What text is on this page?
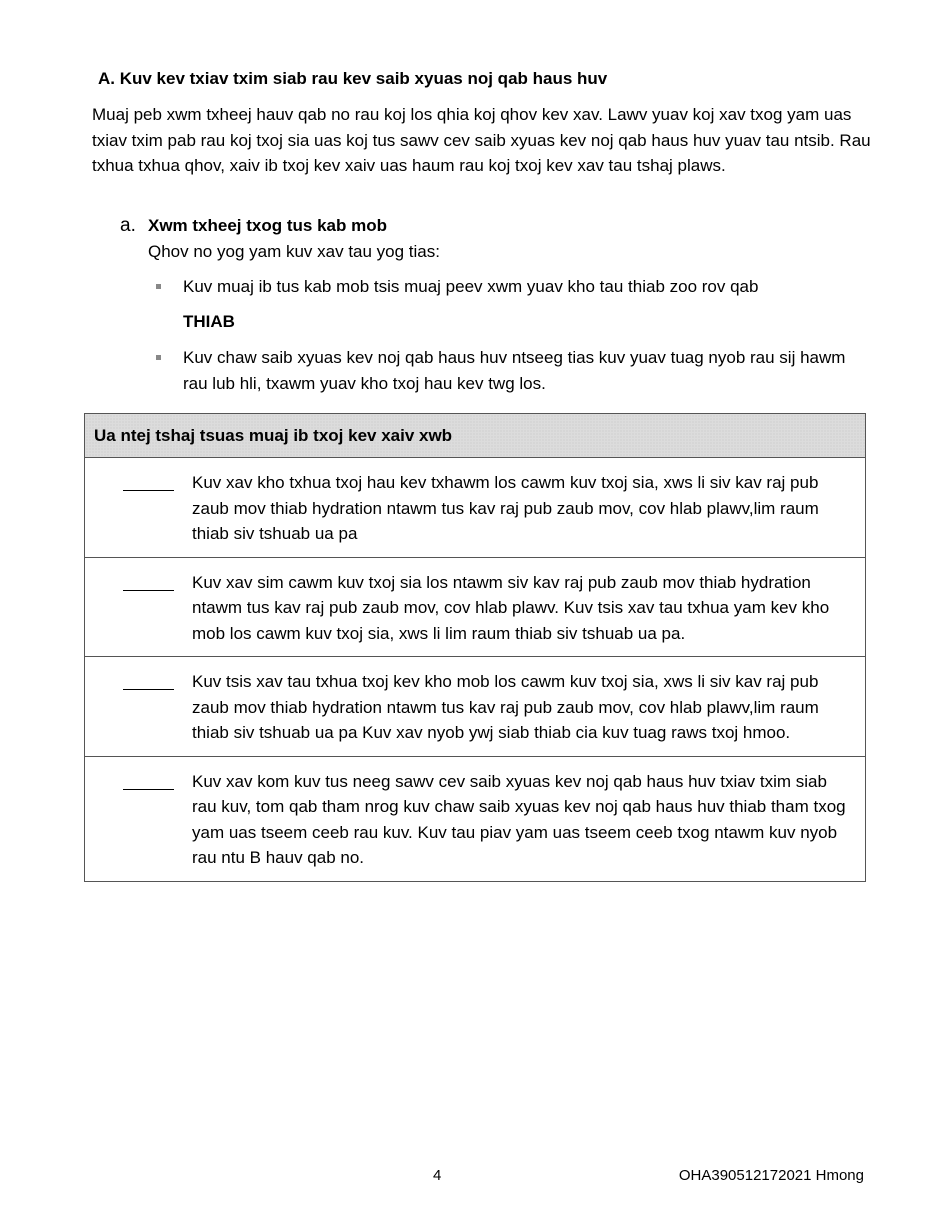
A. Kuv kev txiav txim siab rau kev saib xyuas noj qab haus huv

Muaj peb xwm txheej hauv qab no rau koj los qhia koj qhov kev xav. Lawv yuav koj xav txog yam uas txiav txim pab rau koj txoj sia uas koj tus sawv cev saib xyuas kev noj qab haus huv yuav tau ntsib. Rau txhua txhua qhov, xaiv ib txoj kev xaiv uas haum rau koj txoj kev xav tau tshaj plaws.

a. Xwm txheej txog tus kab mob

Qhov no yog yam kuv xav tau yog tias:

Kuv muaj ib tus kab mob tsis muaj peev xwm yuav kho tau thiab zoo rov qab

THIAB

Kuv chaw saib xyuas kev noj qab haus huv ntseeg tias kuv yuav tuag nyob rau sij hawm rau lub hli, txawm yuav kho txoj hau kev twg los.
Ua ntej tshaj tsuas muaj ib txoj kev xaiv xwb	

	Kuv xav kho txhua txoj hau kev txhawm los cawm kuv txoj sia, xws li siv kav raj pub zaub mov thiab hydration ntawm tus kav raj pub zaub mov, cov hlab plawv,lim raum thiab siv tshuab ua pa

	Kuv xav sim cawm kuv txoj sia los ntawm siv kav raj pub zaub mov thiab hydration ntawm tus kav raj pub zaub mov, cov hlab plawv. Kuv tsis xav tau txhua yam kev kho mob los cawm kuv txoj sia, xws li lim raum thiab siv tshuab ua pa.

	Kuv tsis xav tau txhua txoj kev kho mob los cawm kuv txoj sia, xws li siv kav raj pub zaub mov thiab hydration ntawm tus kav raj pub zaub mov, cov hlab plawv,lim raum thiab siv tshuab ua pa Kuv xav nyob ywj siab thiab cia kuv tuag raws txoj hmoo.

	Kuv xav kom kuv tus neeg sawv cev saib xyuas kev noj qab haus huv txiav txim siab rau kuv, tom qab tham nrog kuv chaw saib xyuas kev noj qab haus huv thiab tham txog yam uas tseem ceeb rau kuv. Kuv tau piav yam uas tseem ceeb txog ntawm kuv nyob rau ntu B hauv qab no.

4	OHA390512172021 Hmong
